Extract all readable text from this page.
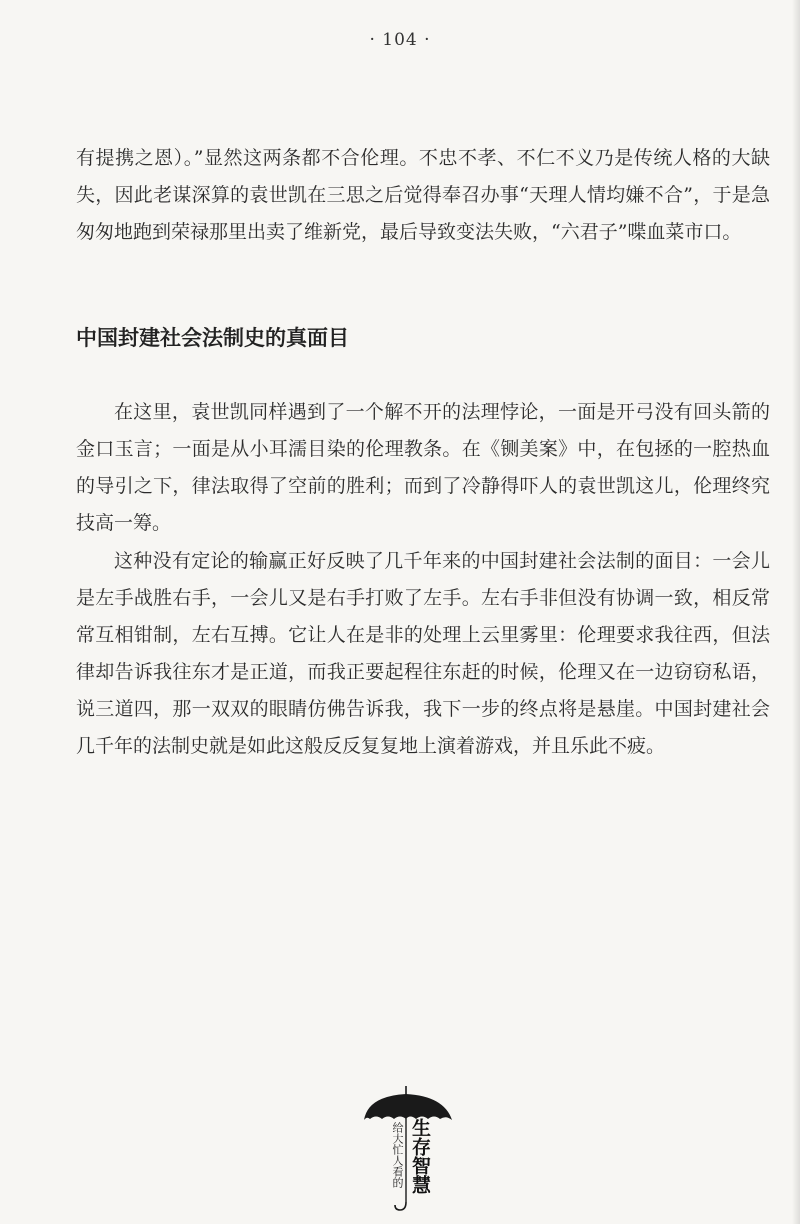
· 104 ·

有提携之恩）。”显然这两条都不合伦理。不忠不孝、不仁不义乃是传统人格的大缺失，因此老谋深算的袁世凯在三思之后觉得奉召办事“天理人情均嫌不合”，于是急匆匆地跑到荣禄那里出卖了维新党，最后导致变法失败，“六君子”喋血菜市口。

中国封建社会法制史的真面目

在这里，袁世凯同样遇到了一个解不开的法理悖论，一面是开弓没有回头箭的金口玉言；一面是从小耳濡目染的伦理教条。在《铡美案》中，在包拯的一腔热血的导引之下，律法取得了空前的胜利；而到了冷静得吓人的袁世凯这儿，伦理终究技高一筹。

这种没有定论的输赢正好反映了几千年来的中国封建社会法制的面目：一会儿是左手战胜右手，一会儿又是右手打败了左手。左右手非但没有协调一致，相反常常互相钳制，左右互搏。它让人在是非的处理上云里雾里：伦理要求我往西，但法律却告诉我往东才是正道，而我正要起程往东赶的时候，伦理又在一边窃窃私语，说三道四，那一双双的眼睛仿佛告诉我，我下一步的终点将是悬崖。中国封建社会几千年的法制史就是如此这般反反复复地上演着游戏，并且乐此不疲。

给大忙人看的 生存智慧
